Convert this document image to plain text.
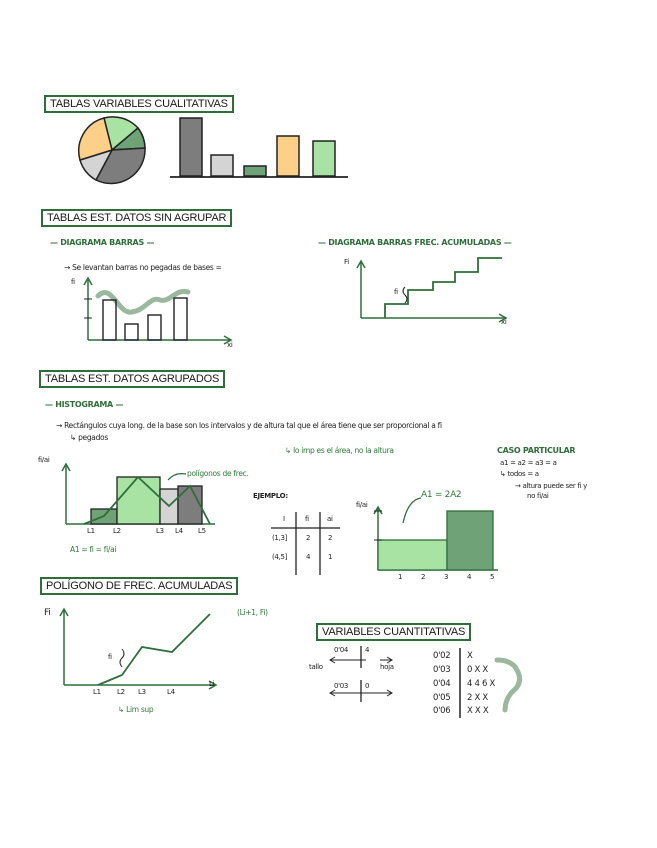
TABLAS VARIABLES CUALITATIVAS
TABLAS EST. DATOS SIN AGRUPAR
— DIAGRAMA BARRAS —	— DIAGRAMA BARRAS FREC. ACUMULADAS —
→ Se levantan barras no pegadas de bases =
fi
xi
Fi
xi
fi
TABLAS EST. DATOS AGRUPADOS
— HISTOGRAMA —
→ Rectángulos cuya long. de la base son los intervalos y de altura tal que el área tiene que ser proporcional a fi
↳ pegados
↳ lo imp es el área, no la altura
fi/ai
polígonos de frec.
L1	L2	L3 L4 L5
A1 = fi = fi/ai
CASO PARTICULAR
a1 = a2 = a3 = a
↳ todos = a
→ altura puede ser fi y
no fi/ai
EJEMPLO:
I	fi	ai
(1,3]	2	2
(4,5]	4	1
fi/ai
A1 = 2A2
1	2	3	4	5
POLÍGONO DE FREC. ACUMULADAS
Fi	(Li+1, Fi)
fi
L1 L2 L3	L4
Li
↳ Lim sup
VARIABLES CUANTITATIVAS
0'04 4
tallo	hoja
0'03 0
0'02 X
0'03 0 X X
0'04 4 4 6 X
0'05 2 X X
0'06 X X X
